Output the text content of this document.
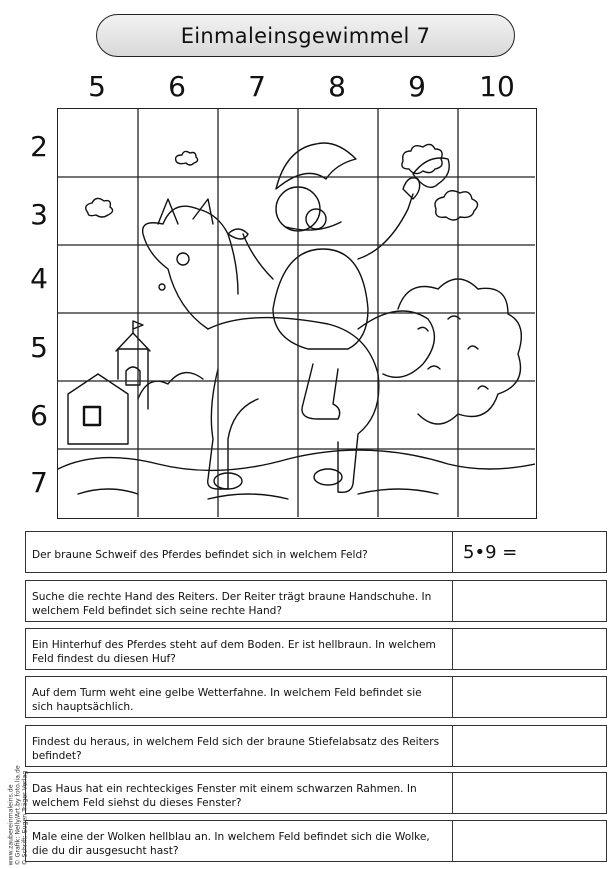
Einmaleinsgewimmel 7
5	6	7	8	9	10
2
3
4
5
6
7
Der braune Schweif des Pferdes befindet sich in welchem Feld?	5•9 =
Suche die rechte Hand des Reiters. Der Reiter trägt braune Handschuhe. In welchem Feld befindet sich seine rechte Hand?
Ein Hinterhuf des Pferdes steht auf dem Boden. Er ist hellbraun. In welchem Feld findest du diesen Huf?
Auf dem Turm weht eine gelbe Wetterfahne. In welchem Feld befindet sie sich hauptsächlich.
Findest du heraus, in welchem Feld sich der braune Stiefelabsatz des Reiters befindet?
Das Haus hat ein rechteckiges Fenster mit einem schwarzen Rahmen. In welchem Feld siehst du dieses Fenster?
Male eine der Wolken hellblau an. In welchem Feld befindet sich die Wolke, die du dir ausgesucht hast?
www.zaubereinmaleins.de © Grafik: Nelly/Art.by foto.lia.de © Schrift: Eugen Träger Verlag
